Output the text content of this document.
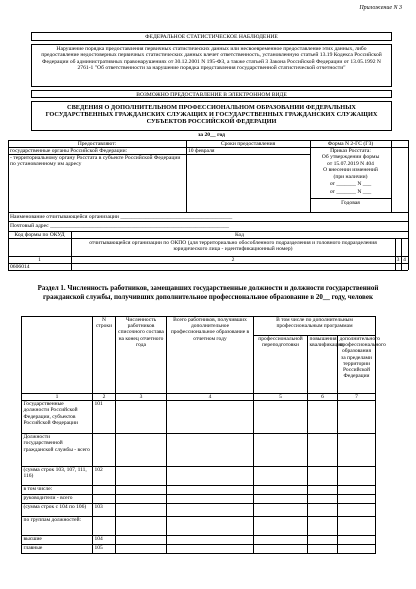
Приложение N 3
ФЕДЕРАЛЬНОЕ СТАТИСТИЧЕСКОЕ НАБЛЮДЕНИЕ
Нарушение порядка предоставления первичных статистических данных или несвоевременное предоставление этих данных, либо предоставление недостоверных первичных статистических данных влечет ответственность, установленную статьей 13.19 Кодекса Российской Федерации об административных правонарушениях от 30.12.2001 N 195-ФЗ, а также статьей 3 Закона Российской Федерации от 13.05.1992 N 2761-1 "Об ответственности за нарушение порядка представления государственной статистической отчетности"
ВОЗМОЖНО ПРЕДОСТАВЛЕНИЕ В ЭЛЕКТРОННОМ ВИДЕ
СВЕДЕНИЯ О ДОПОЛНИТЕЛЬНОМ ПРОФЕССИОНАЛЬНОМ ОБРАЗОВАНИИ ФЕДЕРАЛЬНЫХ ГОСУДАРСТВЕННЫХ ГРАЖДАНСКИХ СЛУЖАЩИХ И ГОСУДАРСТВЕННЫХ ГРАЖДАНСКИХ СЛУЖАЩИХ СУБЪЕКТОВ РОССИЙСКОЙ ФЕДЕРАЦИИ
за 20__ год
Предоставляют:	Сроки предоставления	Форма N 2-ГС (ГЗ)
государственные органы Российской Федерации:	10 февраля
- территориальному органу Росстата в субъекте Российской Федерации по установленному им адресу
Приказ Росстата:
Об утверждении формы
от 15.07.2019 N 404
О внесении изменений
(при наличии)
от _______ N ___
от _______ N ___
Годовая
Наименование отчитывающейся организации ________________________________________
Почтовый адрес ________________________________________________________________
Код формы по ОКУД	Код
отчитывающейся организации по ОКПО (для территориально обособленного подразделения и головного подразделения юридического лица - идентификационный номер)
1	2	3 4
0606014
Раздел 1. Численность работников, замещавших государственные должности и должности государственной гражданской службы, получивших дополнительное профессиональное образование в 20__ году, человек
	N строки	Численность работников списочного состава на конец отчетного года	Всего работников, получивших дополнительное профессиональное образование в отчетном году	В том числе по дополнительным профессиональным программам		
				профессиональной переподготовки	повышения квалификации	дополнительного профессионального образования за пределами территории Российской Федерации
1	2	3	4	5	6	7
Государственные должности Российской Федерации, субъектов Российской Федерации	101					
Должности государственной гражданской службы - всего						
(сумма строк 103, 107, 111, 116)	102					
в том числе:						
руководители - всего						
(сумма строк с 104 по 106)	103					
по группам должностей:						
высшие	104					
главные	105					
